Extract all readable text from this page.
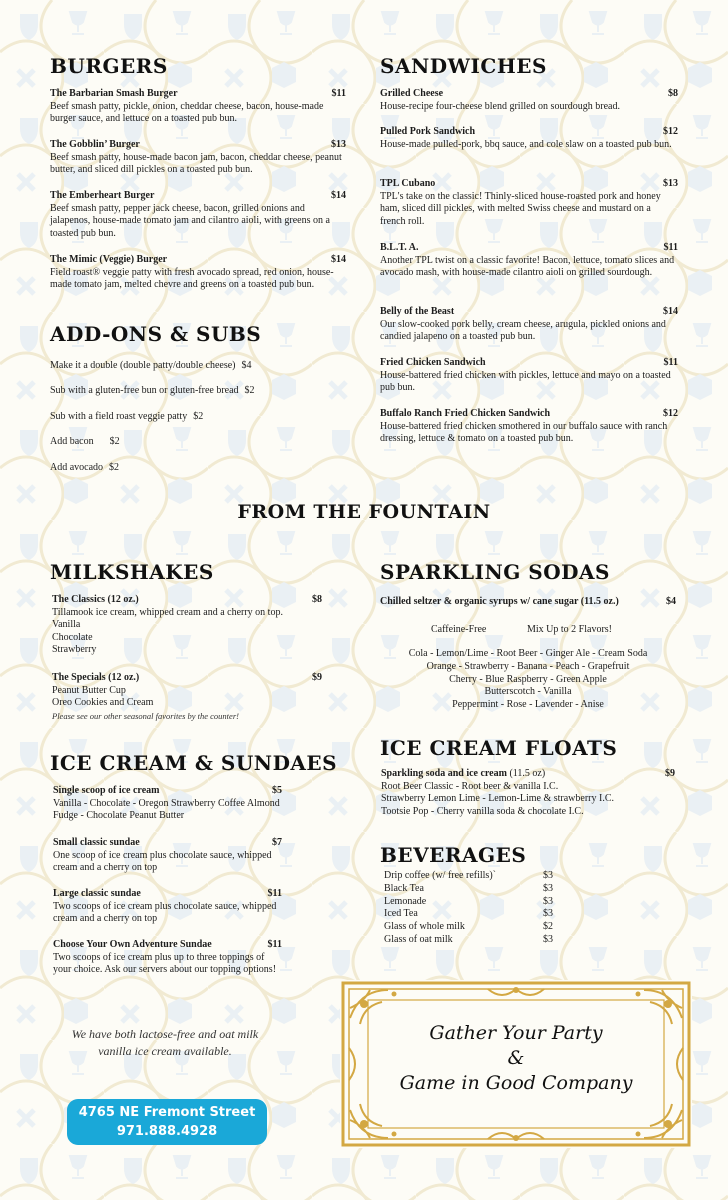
BURGERS
The Barbarian Smash Burger	$11
Beef smash patty, pickle, onion, cheddar cheese, bacon, house-made burger sauce, and lettuce on a toasted pub bun.
The Gobblin’ Burger	$13
Beef smash patty, house-made bacon jam, bacon, cheddar cheese, peanut butter, and sliced dill pickles on a toasted pub bun.
The Emberheart Burger	$14
Beef smash patty, pepper jack cheese, bacon, grilled onions and jalapenos, house-made tomato jam and cilantro aioli, with greens on a toasted pub bun.
The Mimic (Veggie) Burger	$14
Field roast® veggie patty with fresh avocado spread, red onion, house-made tomato jam, melted chevre and greens on a toasted pub bun.
ADD-ONS & SUBS
Make it a double (double patty/double cheese) $4
Sub with a gluten-free bun or gluten-free bread $2
Sub with a field roast veggie patty $2
Add bacon $2
Add avocado $2
SANDWICHES
Grilled Cheese	$8
House-recipe four-cheese blend grilled on sourdough bread.
Pulled Pork Sandwich	$12
House-made pulled-pork, bbq sauce, and cole slaw on a toasted pub bun.
TPL Cubano	$13
TPL's take on the classic! Thinly-sliced house-roasted pork and honey ham, sliced dill pickles, with melted Swiss cheese and mustard on a french roll.
B.L.T. A.	$11
Another TPL twist on a classic favorite! Bacon, lettuce, tomato slices and avocado mash, with house-made cilantro aioli on grilled sourdough.
Belly of the Beast	$14
Our slow-cooked pork belly, cream cheese, arugula, pickled onions and candied jalapeno on a toasted pub bun.
Fried Chicken Sandwich	$11
House-battered fried chicken with pickles, lettuce and mayo on a toasted pub bun.
Buffalo Ranch Fried Chicken Sandwich	$12
House-battered fried chicken smothered in our buffalo sauce with ranch dressing, lettuce & tomato on a toasted pub bun.
FROM THE FOUNTAIN
MILKSHAKES
The Classics (12 oz.)	$8
Tillamook ice cream, whipped cream and a cherry on top.
Vanilla
Chocolate
Strawberry
The Specials (12 oz.)	$9
Peanut Butter Cup
Oreo Cookies and Cream
Please see our other seasonal favorites by the counter!
ICE CREAM & SUNDAES
Single scoop of ice cream	$5
Vanilla - Chocolate - Oregon Strawberry Coffee Almond Fudge - Chocolate Peanut Butter
Small classic sundae	$7
One scoop of ice cream plus chocolate sauce, whipped cream and a cherry on top
Large classic sundae	$11
Two scoops of ice cream plus chocolate sauce, whipped cream and a cherry on top
Choose Your Own Adventure Sundae	$11
Two scoops of ice cream plus up to three toppings of your choice. Ask our servers about our topping options!
We have both lactose-free and oat milk
vanilla ice cream available.
4765 NE Fremont Street
971.888.4928
SPARKLING SODAS
Chilled seltzer & organic syrups w/ cane sugar (11.5 oz.)	$4
Caffeine-Free	Mix Up to 2 Flavors!
Cola - Lemon/Lime - Root Beer - Ginger Ale - Cream Soda
Orange - Strawberry - Banana - Peach - Grapefruit
Cherry - Blue Raspberry - Green Apple
Butterscotch - Vanilla
Peppermint - Rose - Lavender - Anise
ICE CREAM FLOATS
Sparkling soda and ice cream (11.5 oz)	$9
Root Beer Classic - Root beer & vanilla I.C.
Strawberry Lemon Lime - Lemon-Lime & strawberry I.C.
Tootsie Pop - Cherry vanilla soda & chocolate I.C.
BEVERAGES
Drip coffee (w/ free refills)`	$3
Black Tea	$3
Lemonade	$3
Iced Tea	$3
Glass of whole milk	$2
Glass of oat milk	$3
Gather Your Party
&
Game in Good Company
